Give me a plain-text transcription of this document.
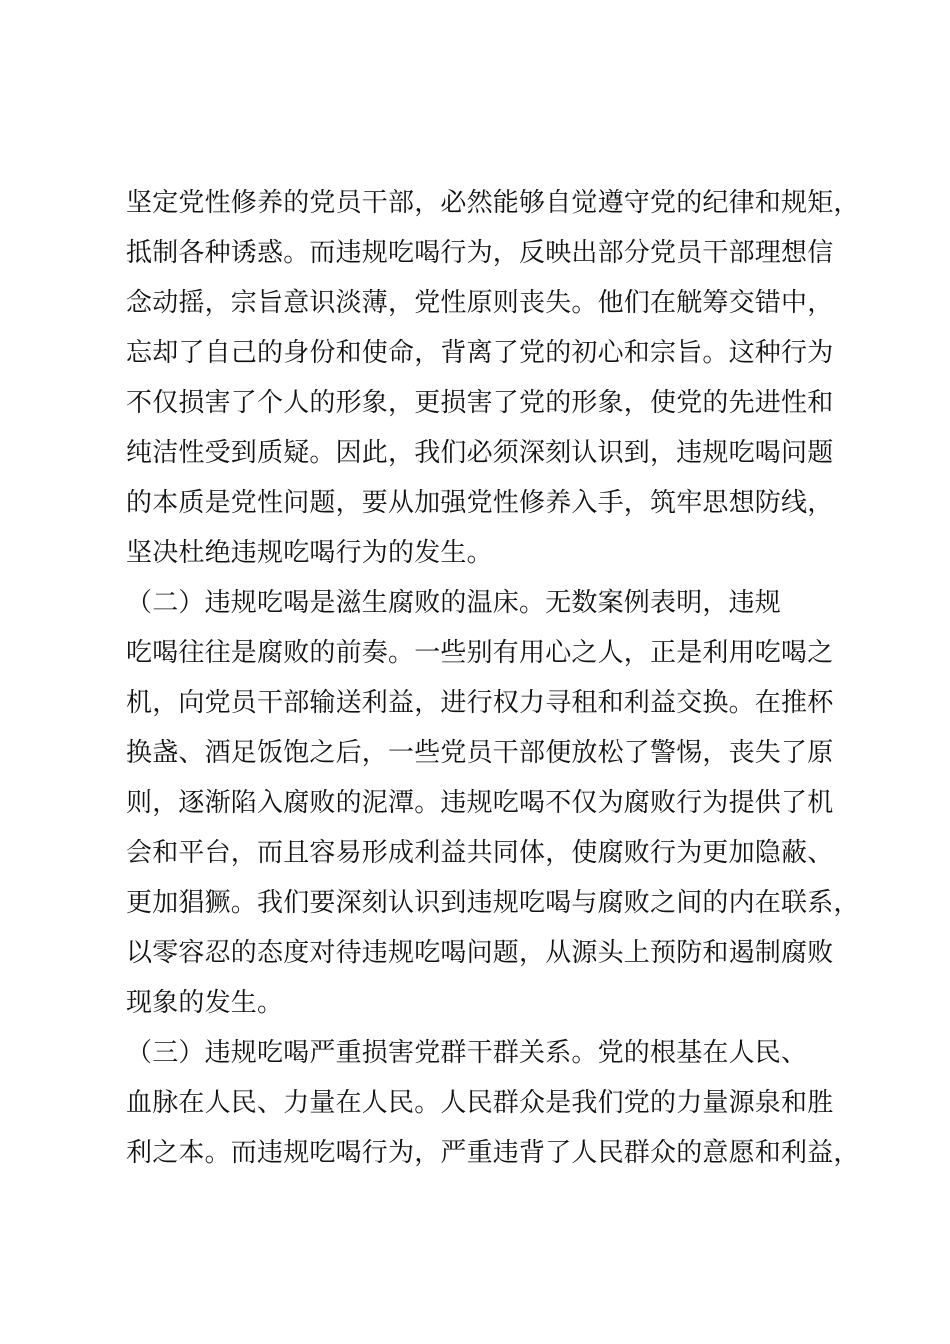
坚定党性修养的党员干部，必然能够自觉遵守党的纪律和规矩，
抵制各种诱惑。而违规吃喝行为，反映出部分党员干部理想信
念动摇，宗旨意识淡薄，党性原则丧失。他们在觥筹交错中，
忘却了自己的身份和使命，背离了党的初心和宗旨。这种行为
不仅损害了个人的形象，更损害了党的形象，使党的先进性和
纯洁性受到质疑。因此，我们必须深刻认识到，违规吃喝问题
的本质是党性问题，要从加强党性修养入手，筑牢思想防线，
坚决杜绝违规吃喝行为的发生。
（二）违规吃喝是滋生腐败的温床。无数案例表明，违规
吃喝往往是腐败的前奏。一些别有用心之人，正是利用吃喝之
机，向党员干部输送利益，进行权力寻租和利益交换。在推杯
换盏、酒足饭饱之后，一些党员干部便放松了警惕，丧失了原
则，逐渐陷入腐败的泥潭。违规吃喝不仅为腐败行为提供了机
会和平台，而且容易形成利益共同体，使腐败行为更加隐蔽、
更加猖獗。我们要深刻认识到违规吃喝与腐败之间的内在联系，
以零容忍的态度对待违规吃喝问题，从源头上预防和遏制腐败
现象的发生。
（三）违规吃喝严重损害党群干群关系。党的根基在人民、
血脉在人民、力量在人民。人民群众是我们党的力量源泉和胜
利之本。而违规吃喝行为，严重违背了人民群众的意愿和利益，
